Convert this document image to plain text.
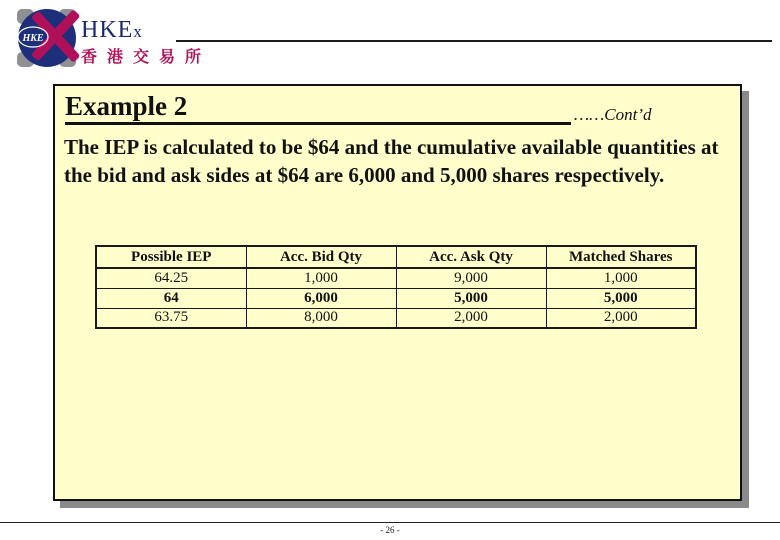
HKE HKEx
香港交易所
Example 2	……Cont’d
The IEP is calculated to be $64 and the cumulative available quantities at the bid and ask sides at $64 are 6,000 and 5,000 shares respectively.
Possible IEP	Acc. Bid Qty	Acc. Ask Qty	Matched Shares
64.25	1,000	9,000	1,000
64	6,000	5,000	5,000
63.75	8,000	2,000	2,000
- 26 -
